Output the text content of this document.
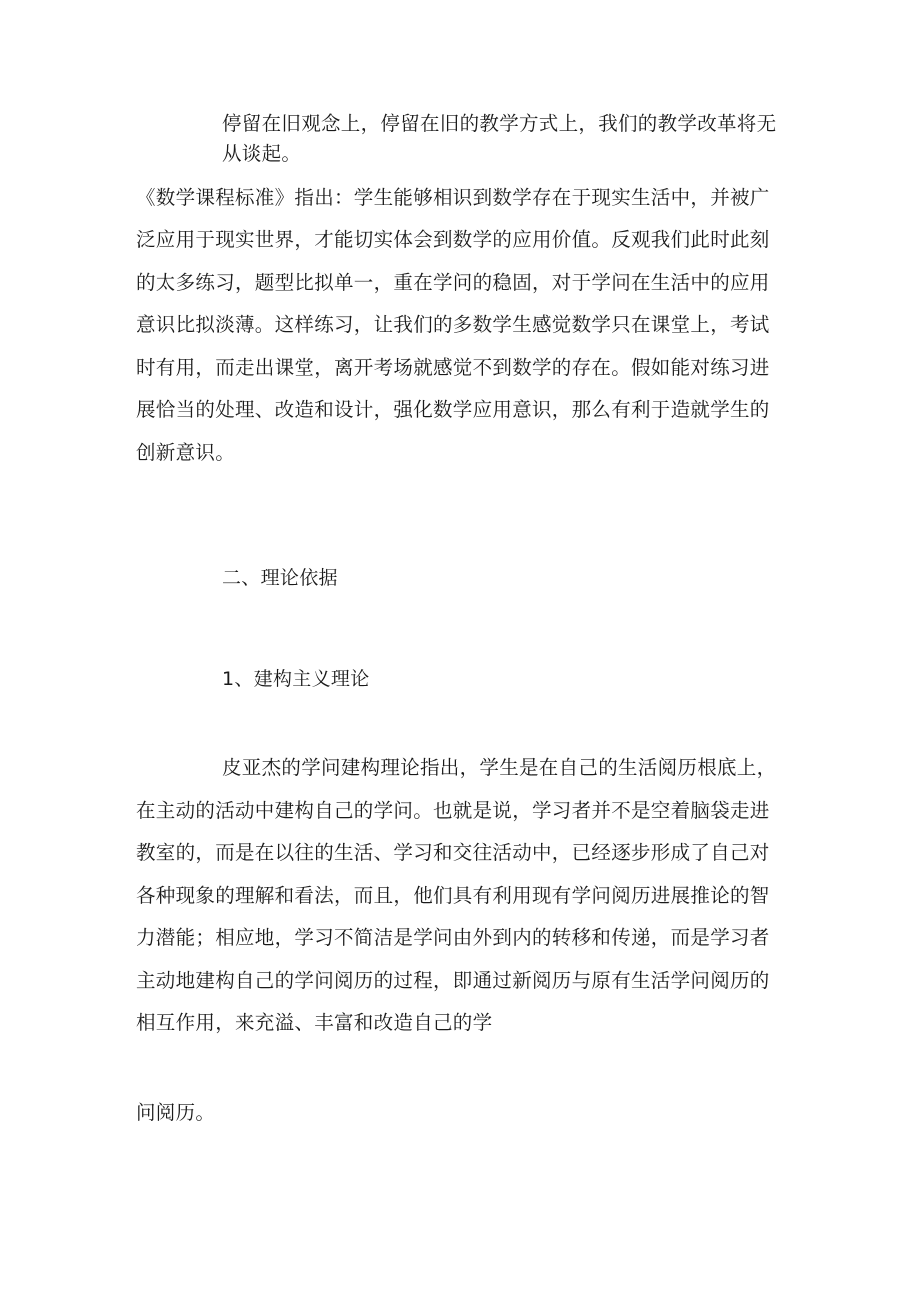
停留在旧观念上，停留在旧的教学方式上，我们的教学改革将无
从谈起。
《数学课程标准》指出：学生能够相识到数学存在于现实生活中，并被广
泛应用于现实世界，才能切实体会到数学的应用价值。反观我们此时此刻
的太多练习，题型比拟单一，重在学问的稳固，对于学问在生活中的应用
意识比拟淡薄。这样练习，让我们的多数学生感觉数学只在课堂上，考试
时有用，而走出课堂，离开考场就感觉不到数学的存在。假如能对练习进
展恰当的处理、改造和设计，强化数学应用意识，那么有利于造就学生的
创新意识。
二、理论依据
1、建构主义理论
皮亚杰的学问建构理论指出，学生是在自己的生活阅历根底上，
在主动的活动中建构自己的学问。也就是说，学习者并不是空着脑袋走进
教室的，而是在以往的生活、学习和交往活动中，已经逐步形成了自己对
各种现象的理解和看法，而且，他们具有利用现有学问阅历进展推论的智
力潜能；相应地，学习不简洁是学问由外到内的转移和传递，而是学习者
主动地建构自己的学问阅历的过程，即通过新阅历与原有生活学问阅历的
相互作用，来充溢、丰富和改造自己的学
问阅历。
